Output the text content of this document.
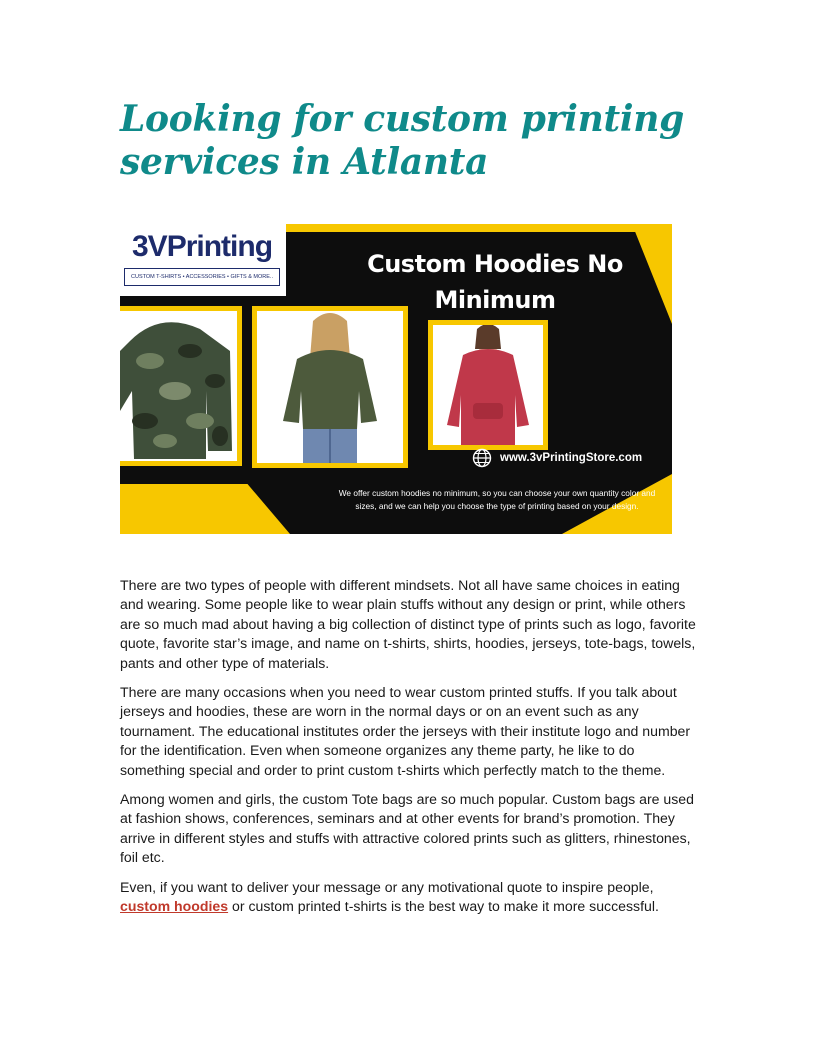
Looking for custom printing
services in Atlanta
3VPrinting
CUSTOM T-SHIRTS • ACCESSORIES • GIFTS & MORE..	Custom Hoodies No
Minimum
www.3vPrintingStore.com
We offer custom hoodies no minimum, so you can choose your own quantity color and sizes, and we can help you choose the type of printing based on your design.

There are two types of people with different mindsets. Not all have same choices in eating and wearing. Some people like to wear plain stuffs without any design or print, while others are so much mad about having a big collection of distinct type of prints such as logo, favorite quote, favorite star’s image, and name on t-shirts, shirts, hoodies, jerseys, tote-bags, towels, pants and other type of materials.

There are many occasions when you need to wear custom printed stuffs. If you talk about jerseys and hoodies, these are worn in the normal days or on an event such as any tournament. The educational institutes order the jerseys with their institute logo and number for the identification. Even when someone organizes any theme party, he like to do something special and order to print custom t-shirts which perfectly match to the theme.

Among women and girls, the custom Tote bags are so much popular. Custom bags are used at fashion shows, conferences, seminars and at other events for brand’s promotion. They arrive in different styles and stuffs with attractive colored prints such as glitters, rhinestones, foil etc.

Even, if you want to deliver your message or any motivational quote to inspire people, custom hoodies or custom printed t-shirts is the best way to make it more successful.
